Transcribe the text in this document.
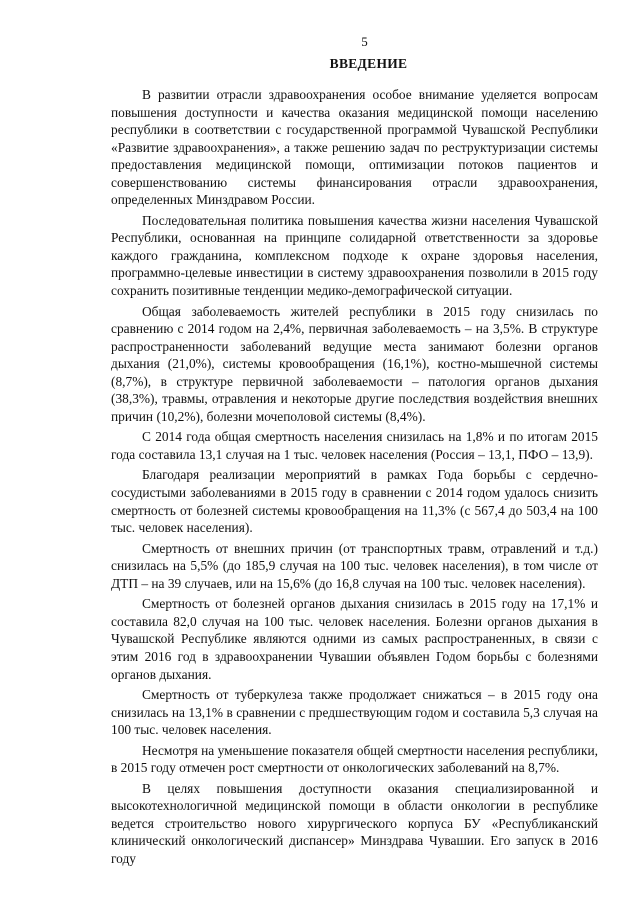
5
ВВЕДЕНИЕ

В развитии отрасли здравоохранения особое внимание уделяется вопросам повышения доступности и качества оказания медицинской помощи населению республики в соответствии с государственной программой Чувашской Республики «Развитие здравоохранения», а также решению задач по реструктуризации системы предоставления медицинской помощи, оптимизации потоков пациентов и совершенствованию системы финансирования отрасли здравоохранения, определенных Минздравом России.

Последовательная политика повышения качества жизни населения Чувашской Республики, основанная на принципе солидарной ответственности за здоровье каждого гражданина, комплексном подходе к охране здоровья населения, программно-целевые инвестиции в систему здравоохранения позволили в 2015 году сохранить позитивные тенденции медико-демографической ситуации.

Общая заболеваемость жителей республики в 2015 году снизилась по сравнению с 2014 годом на 2,4%, первичная заболеваемость – на 3,5%. В структуре распространенности заболеваний ведущие места занимают болезни органов дыхания (21,0%), системы кровообращения (16,1%), костно-мышечной системы (8,7%), в структуре первичной заболеваемости – патология органов дыхания (38,3%), травмы, отравления и некоторые другие последствия воздействия внешних причин (10,2%), болезни мочеполовой системы (8,4%).

С 2014 года общая смертность населения снизилась на 1,8% и по итогам 2015 года составила 13,1 случая на 1 тыс. человек населения (Россия – 13,1, ПФО – 13,9).

Благодаря реализации мероприятий в рамках Года борьбы с сердечно-сосудистыми заболеваниями в 2015 году в сравнении с 2014 годом удалось снизить смертность от болезней системы кровообращения на 11,3% (с 567,4 до 503,4 на 100 тыс. человек населения).

Смертность от внешних причин (от транспортных травм, отравлений и т.д.) снизилась на 5,5% (до 185,9 случая на 100 тыс. человек населения), в том числе от ДТП – на 39 случаев, или на 15,6% (до 16,8 случая на 100 тыс. человек населения).

Смертность от болезней органов дыхания снизилась в 2015 году на 17,1% и составила 82,0 случая на 100 тыс. человек населения. Болезни органов дыхания в Чувашской Республике являются одними из самых распространенных, в связи с этим 2016 год в здравоохранении Чувашии объявлен Годом борьбы с болезнями органов дыхания.

Смертность от туберкулеза также продолжает снижаться – в 2015 году она снизилась на 13,1% в сравнении с предшествующим годом и составила 5,3 случая на 100 тыс. человек населения.

Несмотря на уменьшение показателя общей смертности населения республики, в 2015 году отмечен рост смертности от онкологических заболеваний на 8,7%.

В целях повышения доступности оказания специализированной и высокотехнологичной медицинской помощи в области онкологии в республике ведется строительство нового хирургического корпуса БУ «Республиканский клинический онкологический диспансер» Минздрава Чувашии. Его запуск в 2016 году
